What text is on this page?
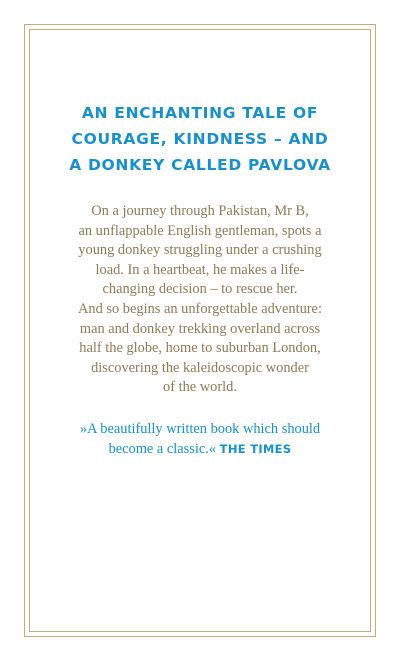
AN ENCHANTING TALE OF
COURAGE, KINDNESS – AND
A DONKEY CALLED PAVLOVA
On a journey through Pakistan, Mr B,
an unflappable English gentleman, spots a
young donkey struggling under a crushing
load. In a heartbeat, he makes a life-
changing decision – to rescue her.
And so begins an unforgettable adventure:
man and donkey trekking overland across
half the globe, home to suburban London,
discovering the kaleidoscopic wonder
of the world.
»A beautifully written book which should
become a classic.« THE TIMES
